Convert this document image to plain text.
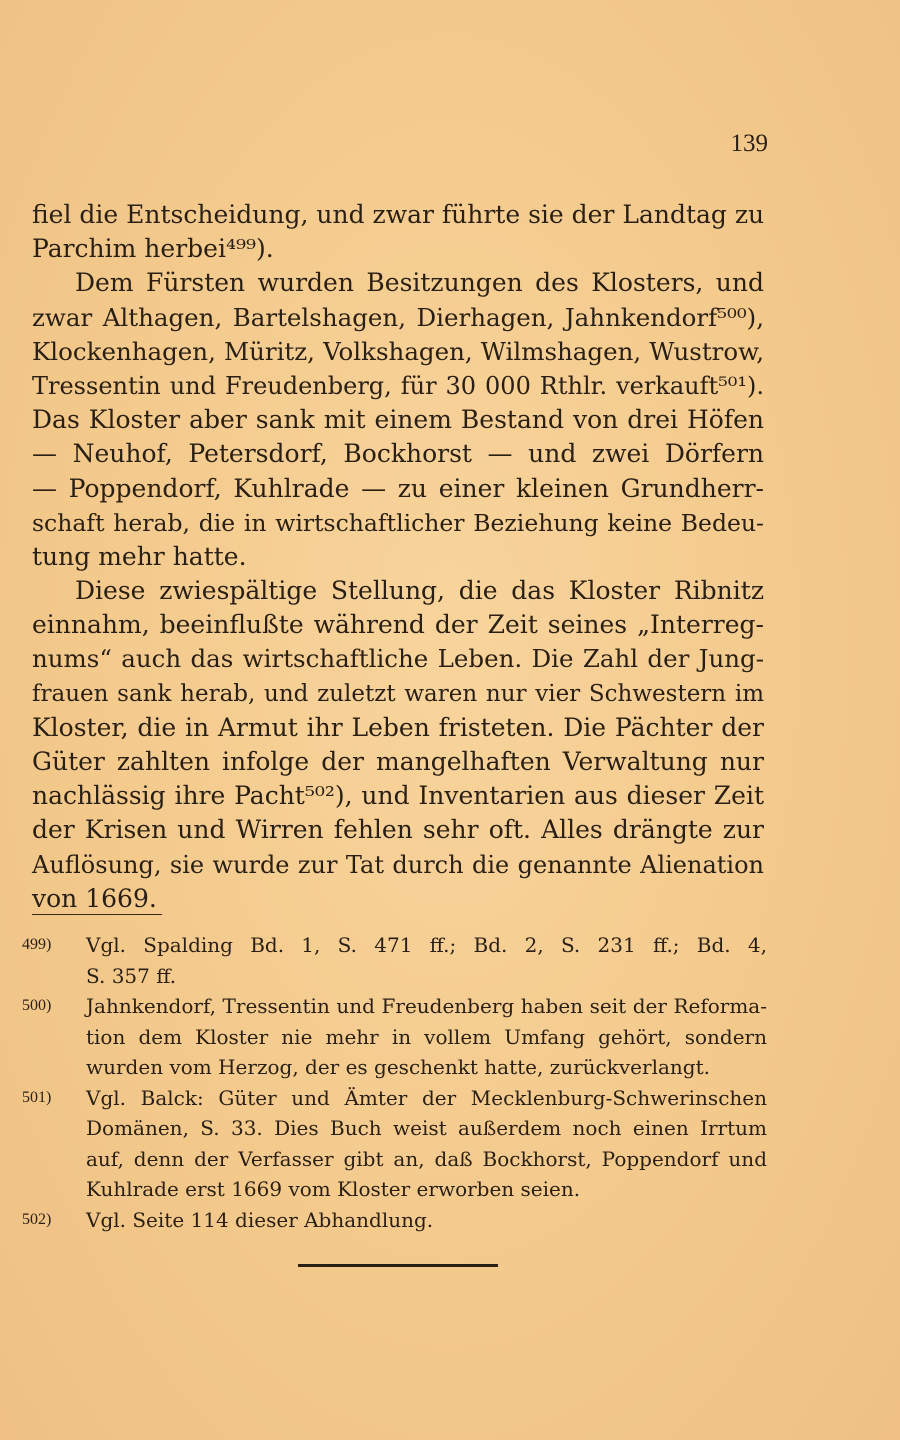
139

fiel die Entscheidung, und zwar führte sie der Landtag zu
Parchim herbei⁴⁹⁹).

Dem Fürsten wurden Besitzungen des Klosters, und
zwar Althagen, Bartelshagen, Dierhagen, Jahnkendorf⁵⁰⁰),
Klockenhagen, Müritz, Volkshagen, Wilmshagen, Wustrow,
Tressentin und Freudenberg, für 30 000 Rthlr. verkauft⁵⁰¹).
Das Kloster aber sank mit einem Bestand von drei Höfen
— Neuhof, Petersdorf, Bockhorst — und zwei Dörfern
— Poppendorf, Kuhlrade — zu einer kleinen Grundherr-
schaft herab, die in wirtschaftlicher Beziehung keine Bedeu-
tung mehr hatte.

Diese zwiespältige Stellung, die das Kloster Ribnitz
einnahm, beeinflußte während der Zeit seines „Interreg-
nums“ auch das wirtschaftliche Leben. Die Zahl der Jung-
frauen sank herab, und zuletzt waren nur vier Schwestern im
Kloster, die in Armut ihr Leben fristeten. Die Pächter der
Güter zahlten infolge der mangelhaften Verwaltung nur
nachlässig ihre Pacht⁵⁰²), und Inventarien aus dieser Zeit
der Krisen und Wirren fehlen sehr oft. Alles drängte zur
Auflösung, sie wurde zur Tat durch die genannte Alienation
von 1669.

499) Vgl. Spalding Bd. 1, S. 471 ff.; Bd. 2, S. 231 ff.; Bd. 4,
S. 357 ff.
500) Jahnkendorf, Tressentin und Freudenberg haben seit der Reforma-
tion dem Kloster nie mehr in vollem Umfang gehört, sondern
wurden vom Herzog, der es geschenkt hatte, zurückverlangt.
501) Vgl. Balck: Güter und Ämter der Mecklenburg-Schwerinschen
Domänen, S. 33. Dies Buch weist außerdem noch einen Irrtum
auf, denn der Verfasser gibt an, daß Bockhorst, Poppendorf und
Kuhlrade erst 1669 vom Kloster erworben seien.
502) Vgl. Seite 114 dieser Abhandlung.
